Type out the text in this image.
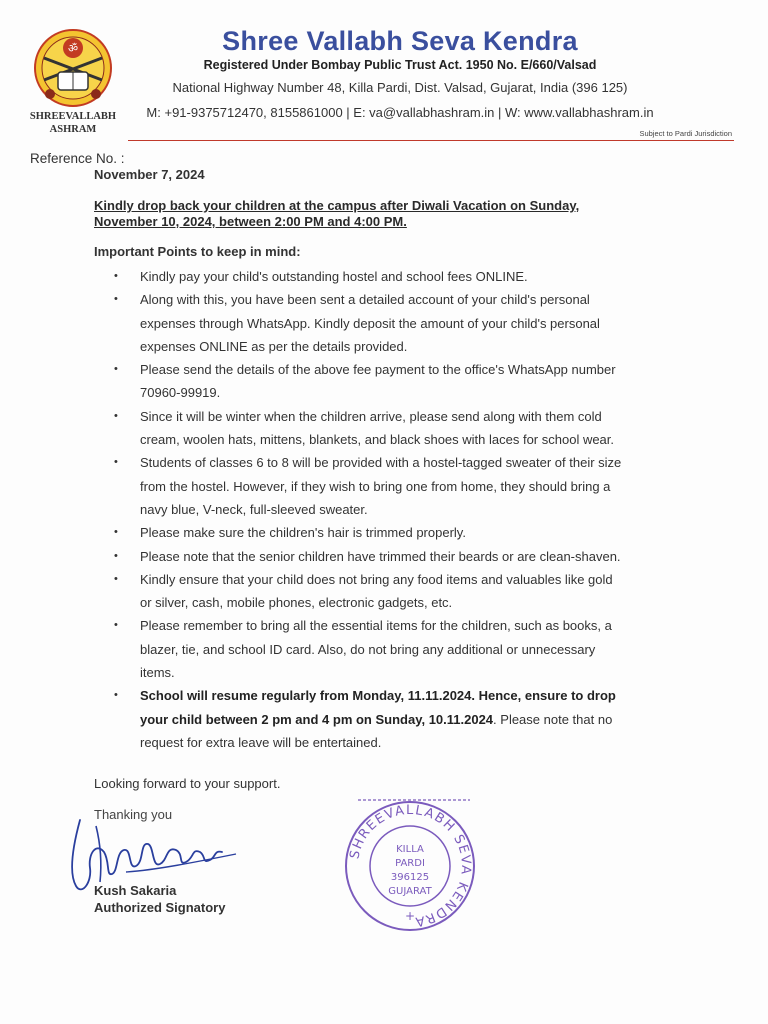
ॐ
SHREEVALLABH
ASHRAM
Shree Vallabh Seva Kendra
Registered Under Bombay Public Trust Act. 1950 No. E/660/Valsad
National Highway Number 48, Killa Pardi, Dist. Valsad, Gujarat, India (396 125)
M: +91-9375712470, 8155861000 | E: va@vallabhashram.in | W: www.vallabhashram.in
Subject to Pardi Jurisdiction
Reference No. :
November 7, 2024
Kindly drop back your children at the campus after Diwali Vacation on Sunday,
November 10, 2024, between 2:00 PM and 4:00 PM.
Important Points to keep in mind:
• Kindly pay your child's outstanding hostel and school fees ONLINE.
• Along with this, you have been sent a detailed account of your child's personal
expenses through WhatsApp. Kindly deposit the amount of your child's personal
expenses ONLINE as per the details provided.
• Please send the details of the above fee payment to the office's WhatsApp number
70960-99919.
• Since it will be winter when the children arrive, please send along with them cold
cream, woolen hats, mittens, blankets, and black shoes with laces for school wear.
• Students of classes 6 to 8 will be provided with a hostel-tagged sweater of their size
from the hostel. However, if they wish to bring one from home, they should bring a
navy blue, V-neck, full-sleeved sweater.
• Please make sure the children's hair is trimmed properly.
• Please note that the senior children have trimmed their beards or are clean-shaven.
• Kindly ensure that your child does not bring any food items and valuables like gold
or silver, cash, mobile phones, electronic gadgets, etc.
• Please remember to bring all the essential items for the children, such as books, a
blazer, tie, and school ID card. Also, do not bring any additional or unnecessary
items.
• School will resume regularly from Monday, 11.11.2024. Hence, ensure to drop
your child between 2 pm and 4 pm on Sunday, 10.11.2024. Please note that no
request for extra leave will be entertained.
Looking forward to your support.
Thanking you
Kush Sakaria
Authorized Signatory
SHREEVALLABH SEVA KENDRA
KILLA
PARDI
396125
GUJARAT
+
